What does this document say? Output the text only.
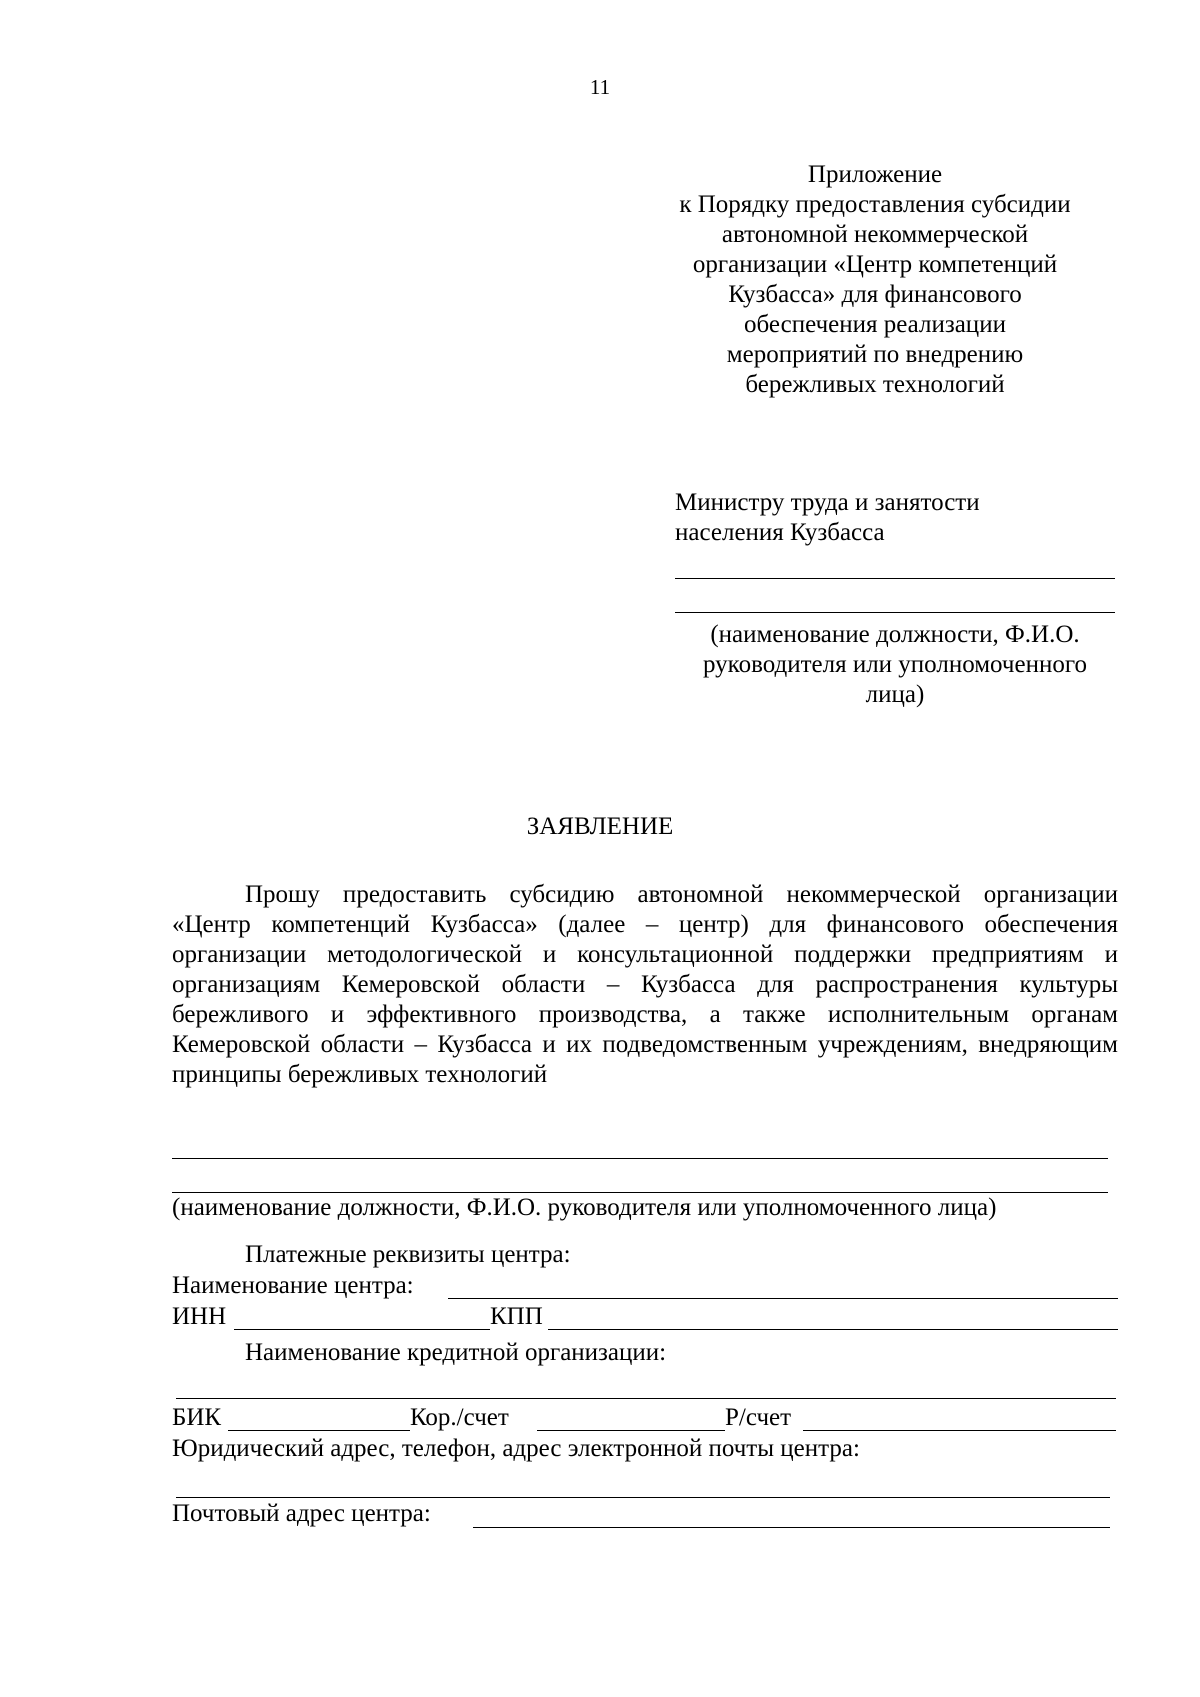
11
Приложение
к Порядку предоставления субсидии
автономной некоммерческой
организации «Центр компетенций
Кузбасса» для финансового
обеспечения реализации
мероприятий по внедрению
бережливых технологий
Министру труда и занятости
населения Кузбасса
(наименование должности, Ф.И.О.
руководителя или уполномоченного
лица)
ЗАЯВЛЕНИЕ
Прошу предоставить субсидию автономной некоммерческой организации «Центр компетенций Кузбасса» (далее – центр) для финансового обеспечения организации методологической и консультационной поддержки предприятиям и организациям Кемеровской области – Кузбасса для распространения культуры бережливого и эффективного производства, а также исполнительным органам Кемеровской области – Кузбасса и их подведомственным учреждениям, внедряющим принципы бережливых технологий
(наименование должности, Ф.И.О. руководителя или уполномоченного лица)
Платежные реквизиты центра:
Наименование центра:
ИНН	КПП
Наименование кредитной организации:
БИК	Кор./счет	Р/счет
Юридический адрес, телефон, адрес электронной почты центра:
Почтовый адрес центра:
